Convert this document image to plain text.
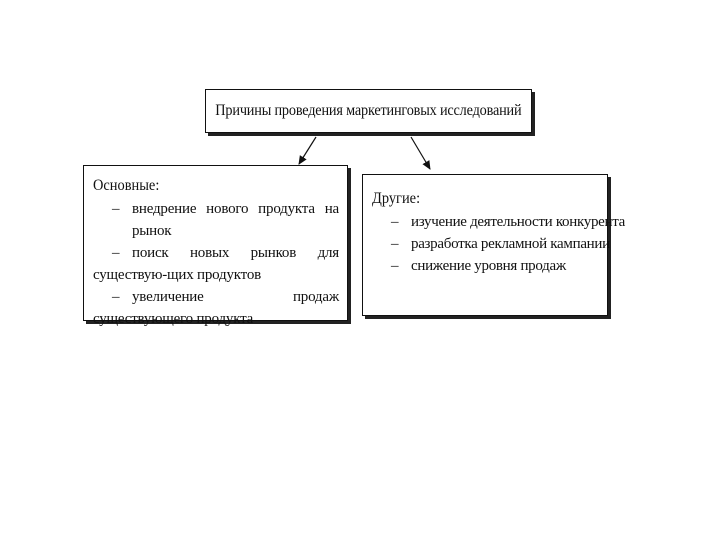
Причины проведения маркетинговых исследований
Основные:
– внедрение нового продукта на рынок
– поиск новых рынков для существую-щих продуктов
– увеличение продаж существующего продукта
Другие:
– изучение деятельности конкурента
– разработка рекламной кампании
– снижение уровня продаж
